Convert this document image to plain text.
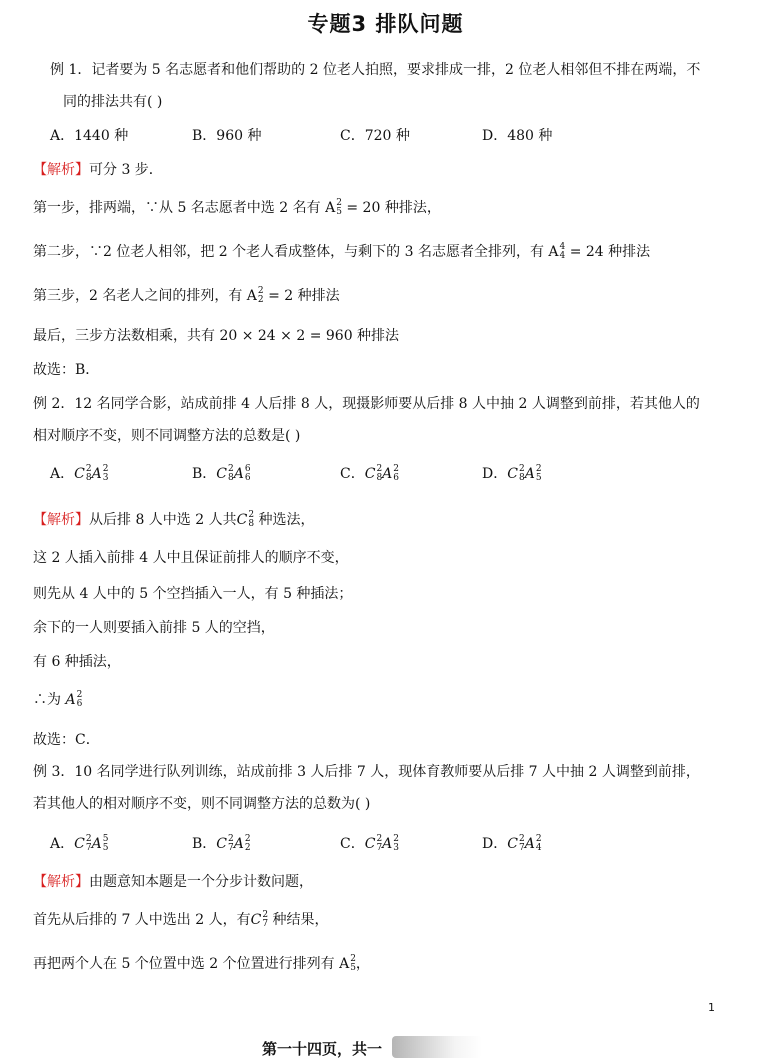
专题3 排队问题
例 1．记者要为 5 名志愿者和他们帮助的 2 位老人拍照，要求排成一排，2 位老人相邻但不排在两端，不
同的排法共有( )
A．1440 种	B．960 种	C．720 种	D．480 种
【解析】可分 3 步．
第一步，排两端，∵从 5 名志愿者中选 2 名有 A 2
5 = 20 种排法，
第二步，∵2 位老人相邻，把 2 个老人看成整体，与剩下的 3 名志愿者全排列，有 A 4
4 = 24 种排法
第三步，2 名老人之间的排列，有 A 2
2 = 2 种排法
最后，三步方法数相乘，共有 20 × 24 × 2 = 960 种排法
故选：B．
例 2．12 名同学合影，站成前排 4 人后排 8 人，现摄影师要从后排 8 人中抽 2 人调整到前排，若其他人的
相对顺序不变，则不同调整方法的总数是( )
A．C 2
8 A 2
3	B．C 2
8 A 6
6	C．C 2
8 A 2
6	D．C 2
8 A 2
5
【解析】从后排 8 人中选 2 人共C 2
8 种选法，
这 2 人插入前排 4 人中且保证前排人的顺序不变，
则先从 4 人中的 5 个空挡插入一人，有 5 种插法；
余下的一人则要插入前排 5 人的空挡，
有 6 种插法，
∴为 A 2
6
故选：C．
例 3．10 名同学进行队列训练，站成前排 3 人后排 7 人，现体育教师要从后排 7 人中抽 2 人调整到前排，
若其他人的相对顺序不变，则不同调整方法的总数为( )
A．C 2
7 A 5
5	B．C 2
7 A 2
2	C．C 2
7 A 2
3	D．C 2
7 A 2
4
【解析】由题意知本题是一个分步计数问题，
首先从后排的 7 人中选出 2 人，有C 2
7 种结果，
再把两个人在 5 个位置中选 2 个位置进行排列有 A 2
5 ，
1
第一十四页，共一
